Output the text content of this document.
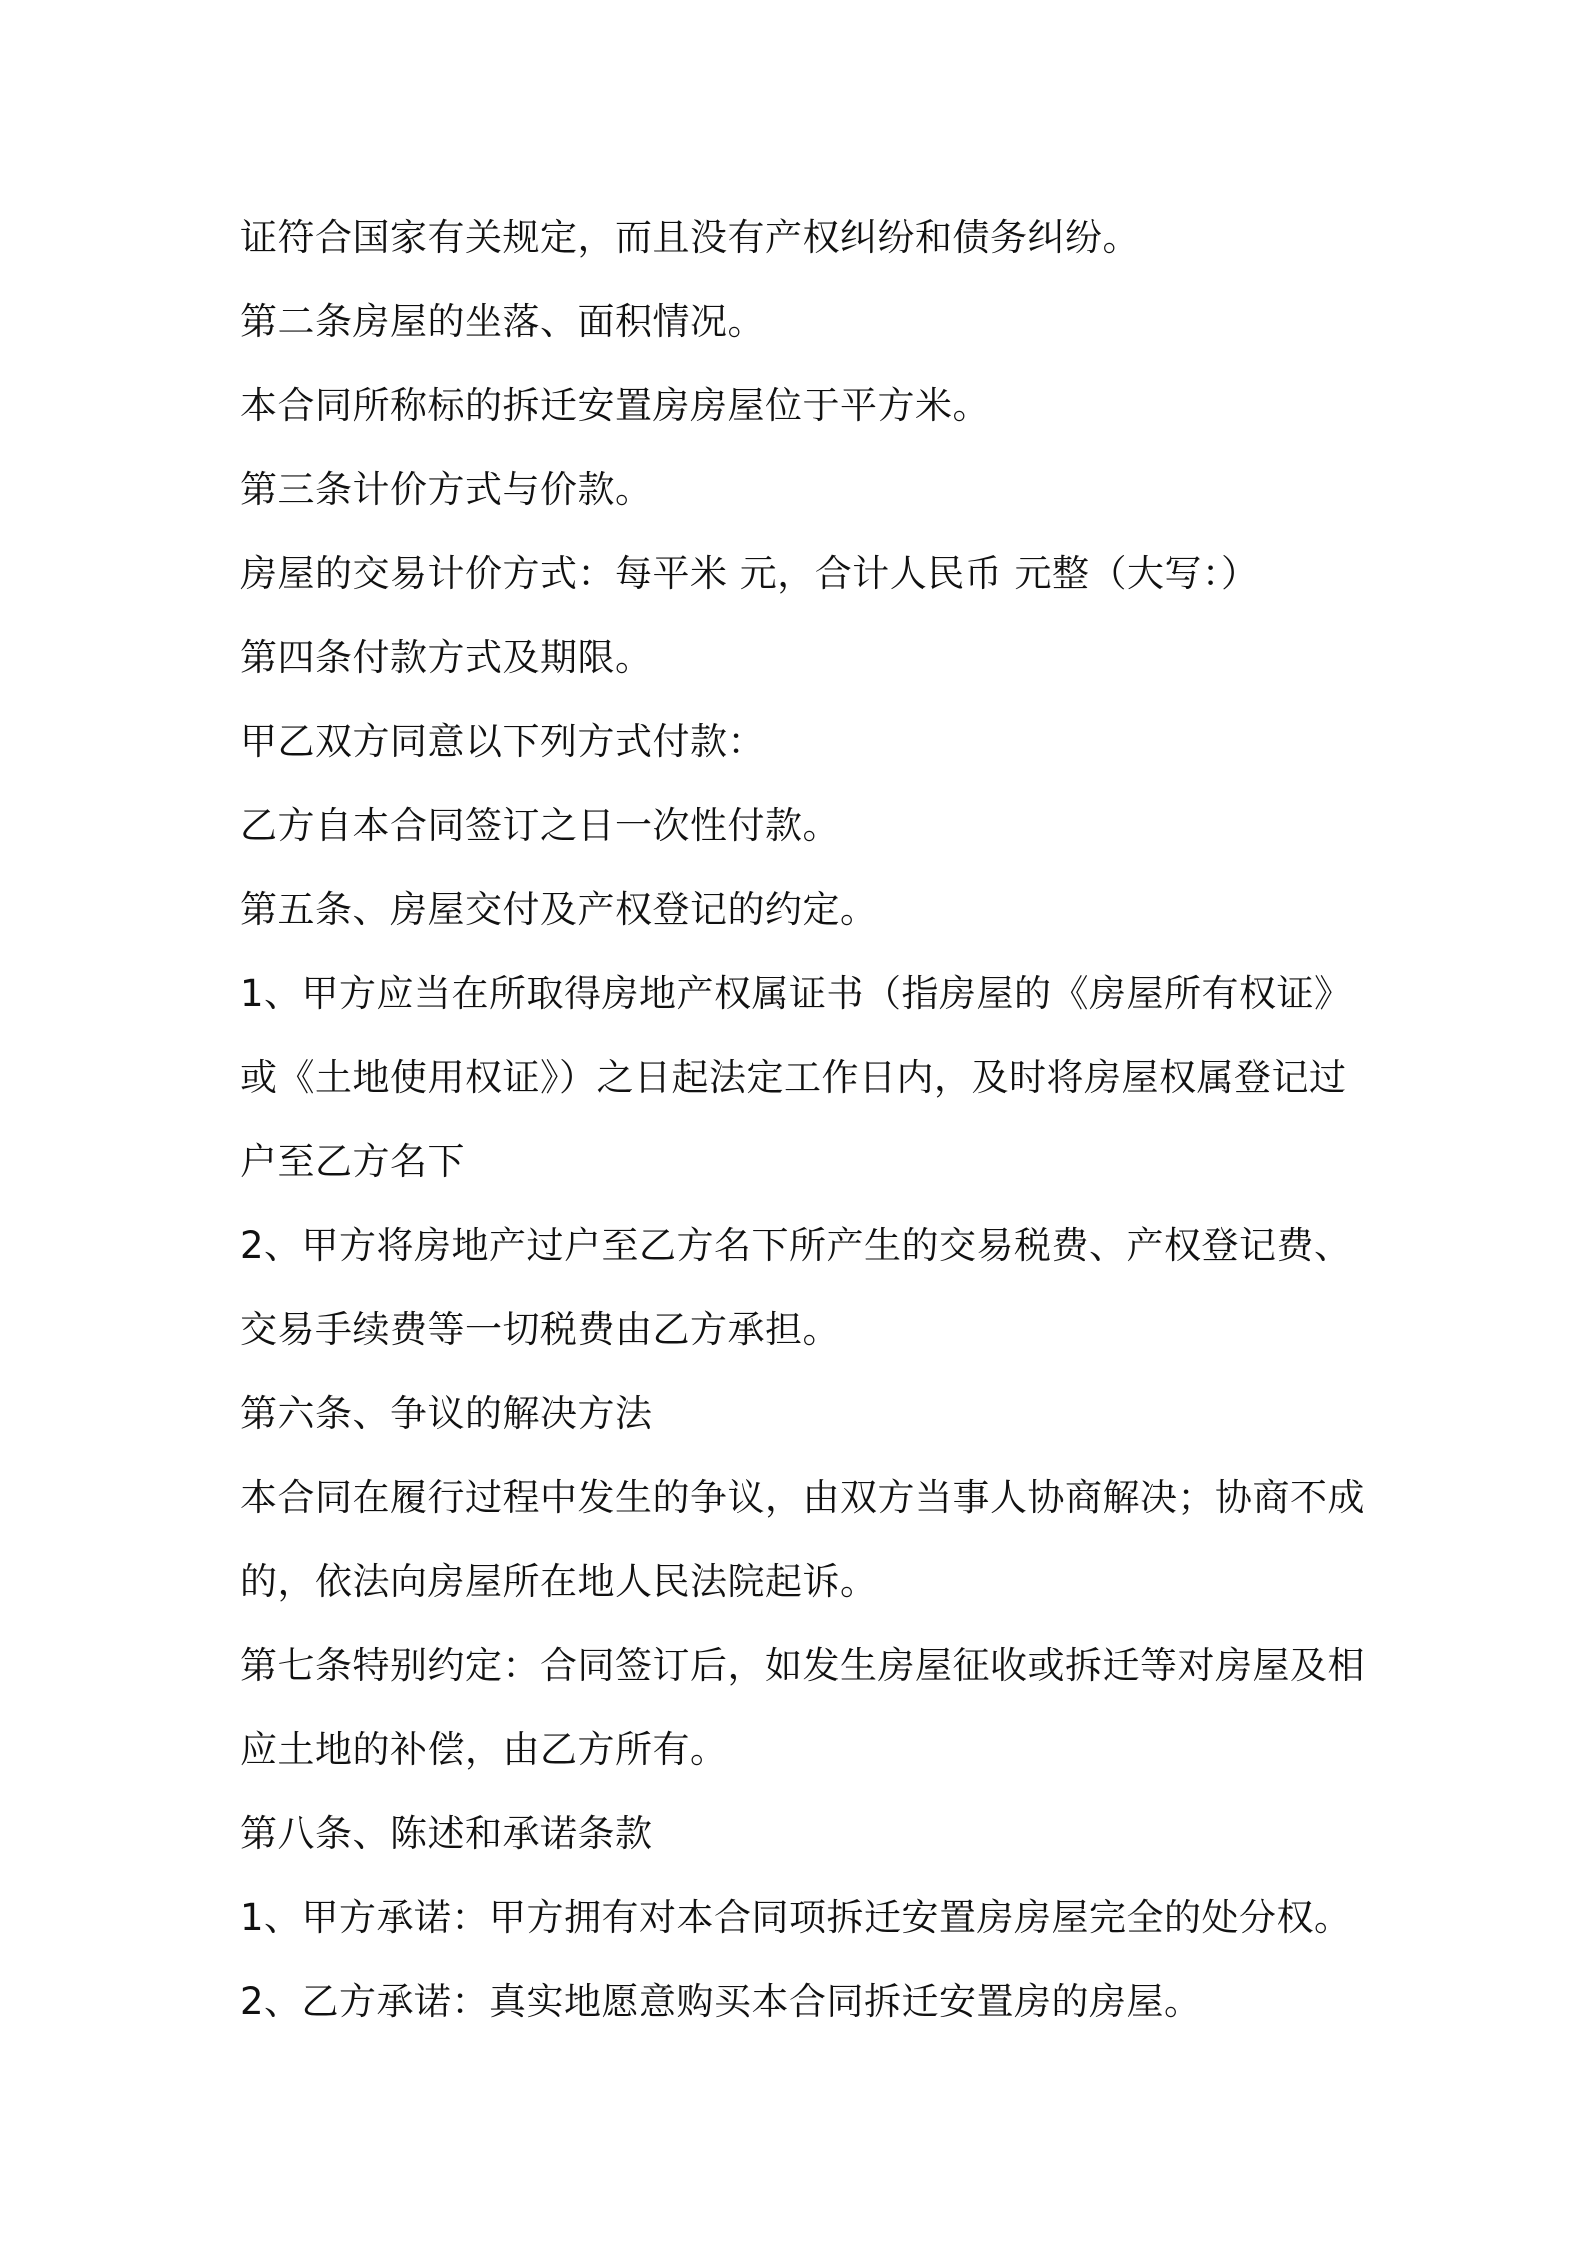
证符合国家有关规定，而且没有产权纠纷和债务纠纷。
第二条房屋的坐落、面积情况。
本合同所称标的拆迁安置房房屋位于平方米。
第三条计价方式与价款。
房屋的交易计价方式：每平米 元，合计人民币 元整（大写：）
第四条付款方式及期限。
甲乙双方同意以下列方式付款：
乙方自本合同签订之日一次性付款。
第五条、房屋交付及产权登记的约定。
1、甲方应当在所取得房地产权属证书（指房屋的《房屋所有权证》
或《土地使用权证》）之日起法定工作日内，及时将房屋权属登记过
户至乙方名下
2、甲方将房地产过户至乙方名下所产生的交易税费、产权登记费、
交易手续费等一切税费由乙方承担。
第六条、争议的解决方法
本合同在履行过程中发生的争议，由双方当事人协商解决；协商不成
的，依法向房屋所在地人民法院起诉。
第七条特别约定：合同签订后，如发生房屋征收或拆迁等对房屋及相
应土地的补偿，由乙方所有。
第八条、陈述和承诺条款
1、甲方承诺：甲方拥有对本合同项拆迁安置房房屋完全的处分权。
2、乙方承诺：真实地愿意购买本合同拆迁安置房的房屋。
